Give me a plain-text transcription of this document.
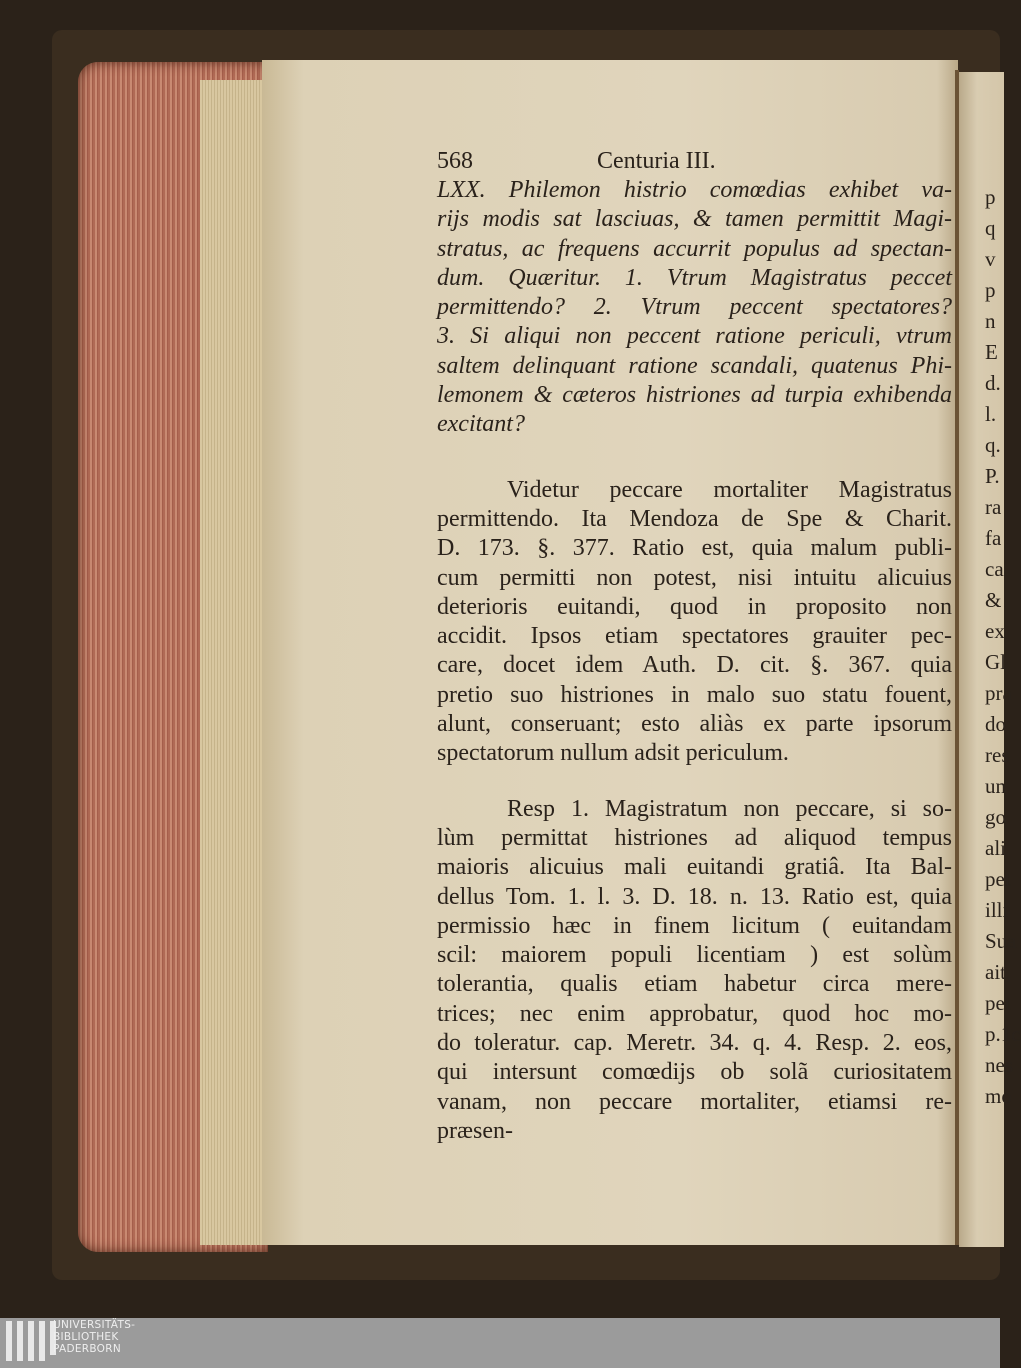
568	Centuria III.
LXX. Philemon histrio comœdias exhibet va-
rijs modis sat lasciuas, & tamen permittit Magi-
stratus, ac frequens accurrit populus ad spectan-
dum. Quæritur. 1. Vtrum Magistratus peccet
permittendo? 2. Vtrum peccent spectatores?
3. Si aliqui non peccent ratione periculi, vtrum
saltem delinquant ratione scandali, quatenus Phi-
lemonem & cæteros histriones ad turpia exhibenda
excitant?
Videtur peccare mortaliter Magistratus
permittendo. Ita Mendoza de Spe & Charit.
D. 173. §. 377. Ratio est, quia malum publi-
cum permitti non potest, nisi intuitu alicuius
deterioris euitandi, quod in proposito non
accidit. Ipsos etiam spectatores grauiter pec-
care, docet idem Auth. D. cit. §. 367. quia
pretio suo histriones in malo suo statu fouent,
alunt, conseruant; esto aliàs ex parte ipsorum
spectatorum nullum adsit periculum.
Resp 1. Magistratum non peccare, si so-
lùm permittat histriones ad aliquod tempus
maioris alicuius mali euitandi gratiâ. Ita Bal-
dellus Tom. 1. l. 3. D. 18. n. 13. Ratio est, quia
permissio hæc in finem licitum ( euitandam
scil: maiorem populi licentiam ) est solùm
tolerantia, qualis etiam habetur circa mere-
trices; nec enim approbatur, quod hoc mo-
do toleratur. cap. Meretr. 34. q. 4. Resp. 2. eos,
qui intersunt comœdijs ob solã curiositatem
vanam, non peccare mortaliter, etiamsi re-
præsen-
p
q
v
p
n
E
d.
l.
q.
P.
ra
fa
ca
&
ex
Gl
pra
do
res
un
go
ali
pet
illi
Sua
ait,
pet
p.1c
nes
mo
UNIVERSITÄTS-
BIBLIOTHEK
PADERBORN
